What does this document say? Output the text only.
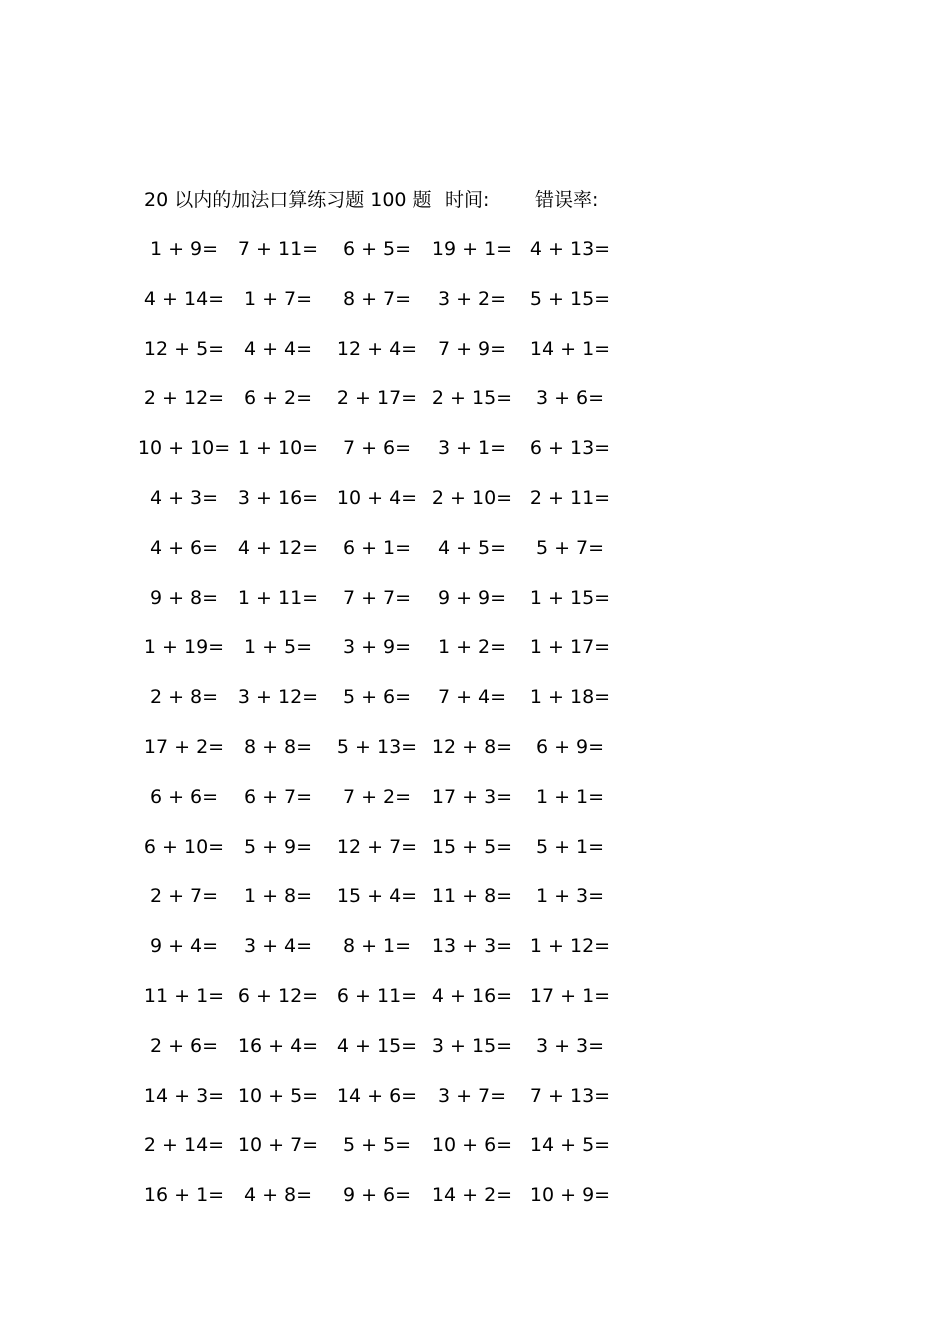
20 以内的加法口算练习题 100 题 时间: 错误率:
1 + 9= 7 + 11= 6 + 5= 19 + 1= 4 + 13=
4 + 14= 1 + 7= 8 + 7= 3 + 2= 5 + 15=
12 + 5= 4 + 4= 12 + 4= 7 + 9= 14 + 1=
2 + 12= 6 + 2= 2 + 17= 2 + 15= 3 + 6=
10 + 10= 1 + 10= 7 + 6= 3 + 1= 6 + 13=
4 + 3= 3 + 16= 10 + 4= 2 + 10= 2 + 11=
4 + 6= 4 + 12= 6 + 1= 4 + 5= 5 + 7=
9 + 8= 1 + 11= 7 + 7= 9 + 9= 1 + 15=
1 + 19= 1 + 5= 3 + 9= 1 + 2= 1 + 17=
2 + 8= 3 + 12= 5 + 6= 7 + 4= 1 + 18=
17 + 2= 8 + 8= 5 + 13= 12 + 8= 6 + 9=
6 + 6= 6 + 7= 7 + 2= 17 + 3= 1 + 1=
6 + 10= 5 + 9= 12 + 7= 15 + 5= 5 + 1=
2 + 7= 1 + 8= 15 + 4= 11 + 8= 1 + 3=
9 + 4= 3 + 4= 8 + 1= 13 + 3= 1 + 12=
11 + 1= 6 + 12= 6 + 11= 4 + 16= 17 + 1=
2 + 6= 16 + 4= 4 + 15= 3 + 15= 3 + 3=
14 + 3= 10 + 5= 14 + 6= 3 + 7= 7 + 13=
2 + 14= 10 + 7= 5 + 5= 10 + 6= 14 + 5=
16 + 1= 4 + 8= 9 + 6= 14 + 2= 10 + 9=
